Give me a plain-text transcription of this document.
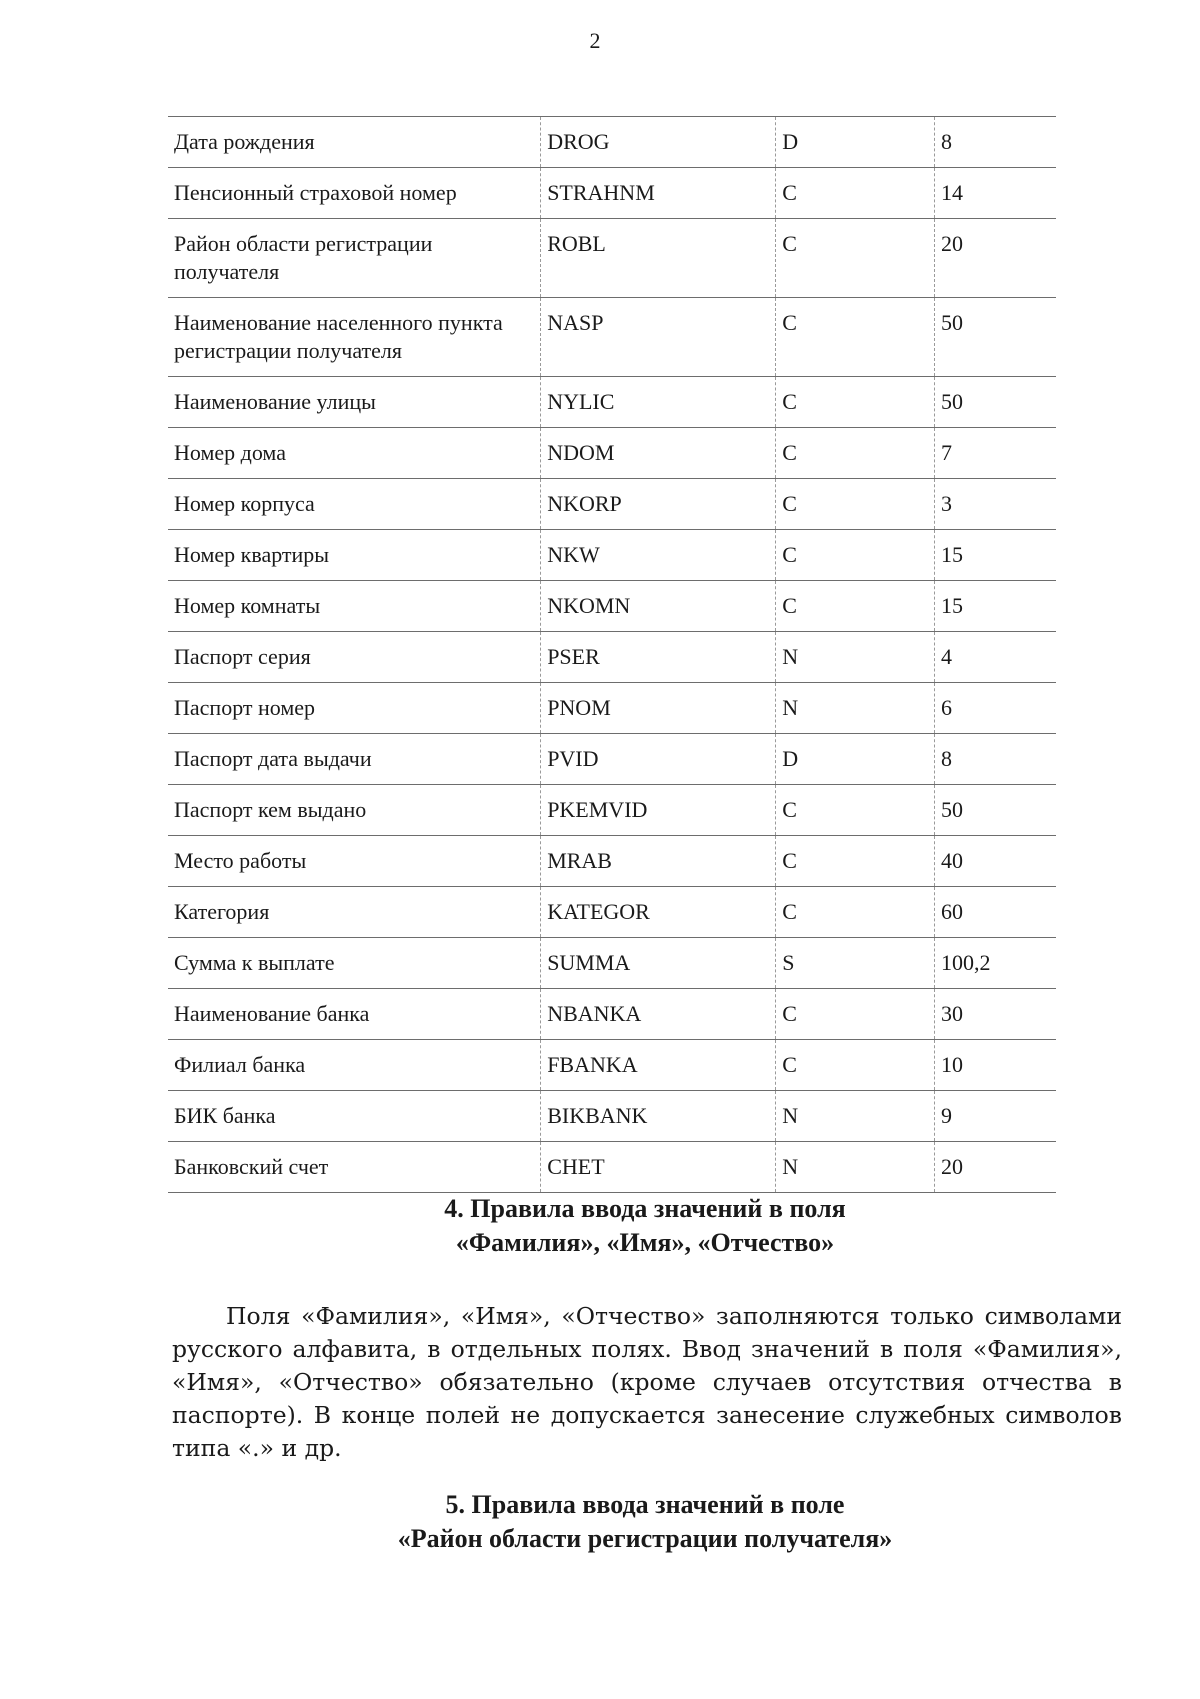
2
Дата рождения	DROG	D	8
Пенсионный страховой номер	STRAHNM	C	14
Район области регистрации получателя	ROBL	C	20
Наименование населенного пункта регистрации получателя	NASP	C	50
Наименование улицы	NYLIC	C	50
Номер дома	NDOM	C	7
Номер корпуса	NKORP	C	3
Номер квартиры	NKW	C	15
Номер комнаты	NKOMN	C	15
Паспорт серия	PSER	N	4
Паспорт номер	PNOM	N	6
Паспорт дата выдачи	PVID	D	8
Паспорт кем выдано	PKEMVID	C	50
Место работы	MRAB	C	40
Категория	KATEGOR	C	60
Сумма к выплате	SUMMA	S	100,2
Наименование банка	NBANKA	C	30
Филиал банка	FBANKA	C	10
БИК банка	BIKBANK	N	9
Банковский счет	CHET	N	20
4. Правила ввода значений в поля
«Фамилия», «Имя», «Отчество»

Поля «Фамилия», «Имя», «Отчество» заполняются только символами русского алфавита, в отдельных полях. Ввод значений в поля «Фамилия», «Имя», «Отчество» обязательно (кроме случаев отсутствия отчества в паспорте). В конце полей не допускается занесение служебных символов типа «.» и др.

5. Правила ввода значений в поле
«Район области регистрации получателя»
